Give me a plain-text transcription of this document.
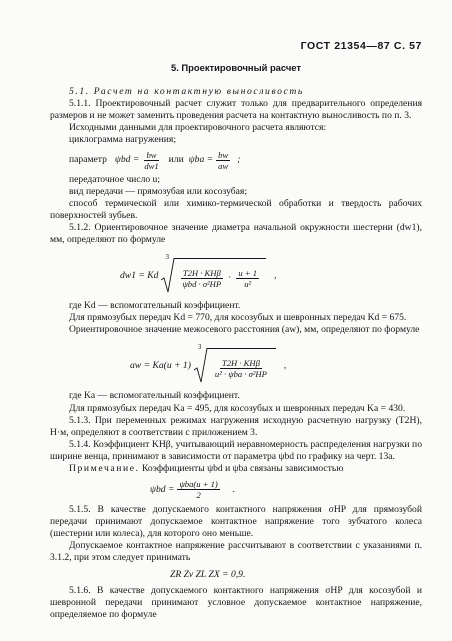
ГОСТ 21354—87 С. 57
5. Проектировочный расчет

5.1. Расчет на контактную выносливость

5.1.1. Проектировочный расчет служит только для предварительного определения размеров и не может заменить проведения расчета на контактную выносливость по п. 3.

Исходными данными для проектировочного расчета являются:

циклограмма нагружения;

параметр $\psi bd = \frac{bw}{dw1}$ или $\psi ba = \frac{bw}{aw}$ ;

передаточное число u;

вид передачи — прямозубая или косозубая;

способ термической или химико-термической обработки и твердость рабочих поверхностей зубьев.

5.1.2. Ориентировочное значение диаметра начальной окружности шестерни (dw1), мм, определяют по формуле

dw1 = Kd
3
$\frac{\text{T2H · KHβ}}{\text{ψbd · σ²HP}} \cdot \frac{u + 1}{\text{u²}}$ ,

где Kd — вспомогательный коэффициент.

Для прямозубых передач Kd = 770, для косозубых и шевронных передач Kd = 675.

Ориентировочное значение межосевого расстояния (aw), мм, определяют по формуле

aw = Ka(u + 1)
3
$\frac{\text{T2H · KHβ}}{\text{u² · ψba · σ²HP}}$ ,

где Ka — вспомогательный коэффициент.

Для прямозубых передач Ka = 495, для косозубых и шевронных передач Ka = 430.

5.1.3. При переменных режимах нагружения исходную расчетную нагрузку (T2H), Н·м, определяют в соответствии с приложением 3.

5.1.4. Коэффициент KHβ, учитывающий неравномерность распределения нагрузки по ширине венца, принимают в зависимости от параметра ψbd по графику на черт. 13а.

Примечание. Коэффициенты ψbd и ψba связаны зависимостью

$\psi bd = \frac{\text{ψba(u + 1)}}{2}$ .

5.1.5. В качестве допускаемого контактного напряжения σHP для прямозубой передачи принимают допускаемое контактное напряжение того зубчатого колеса (шестерни или колеса), для которого оно меньше.

Допускаемое контактное напряжение рассчитывают в соответствии с указаниями п. 3.1.2, при этом следует принимать

ZR Zv ZL ZX = 0,9.

5.1.6. В качестве допускаемого контактного напряжения σHP для косозубой и шевронной передачи принимают условное допускаемое контактное напряжение, определяемое по формуле
